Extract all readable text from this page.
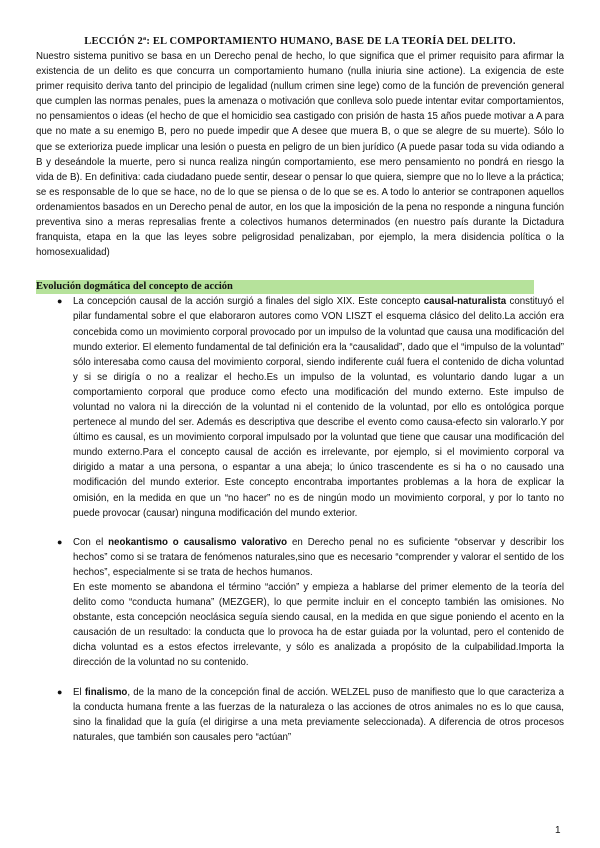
LECCIÓN 2ª: EL COMPORTAMIENTO HUMANO, BASE DE LA TEORÍA DEL DELITO.

Nuestro sistema punitivo se basa en un Derecho penal de hecho, lo que significa que el primer requisito para afirmar la existencia de un delito es que concurra un comportamiento humano (nulla iniuria sine actione). La exigencia de este primer requisito deriva tanto del principio de legalidad (nullum crimen sine lege) como de la función de prevención general que cumplen las normas penales, pues la amenaza o motivación que conlleva solo puede intentar evitar comportamientos, no pensamientos o ideas (el hecho de que el homicidio sea castigado con prisión de hasta 15 años puede motivar a A para que no mate a su enemigo B, pero no puede impedir que A desee que muera B, o que se alegre de su muerte). Sólo lo que se exterioriza puede implicar una lesión o puesta en peligro de un bien jurídico (A puede pasar toda su vida odiando a B y deseándole la muerte, pero si nunca realiza ningún comportamiento, ese mero pensamiento no pondrá en riesgo la vida de B). En definitiva: cada ciudadano puede sentir, desear o pensar lo que quiera, siempre que no lo lleve a la práctica; se es responsable de lo que se hace, no de lo que se piensa o de lo que se es. A todo lo anterior se contraponen aquellos ordenamientos basados en un Derecho penal de autor, en los que la imposición de la pena no responde a ninguna función preventiva sino a meras represalias frente a colectivos humanos determinados (en nuestro país durante la Dictadura franquista, etapa en la que las leyes sobre peligrosidad penalizaban, por ejemplo, la mera disidencia política o la homosexualidad)

Evolución dogmática del concepto de acción
● La concepción causal de la acción surgió a finales del siglo XIX. Este concepto causal-naturalista constituyó el pilar fundamental sobre el que elaboraron autores como VON LISZT el esquema clásico del delito.La acción era concebida como un movimiento corporal provocado por un impulso de la voluntad que causa una modificación del mundo exterior. El elemento fundamental de tal definición era la “causalidad”, dado que el “impulso de la voluntad” sólo interesaba como causa del movimiento corporal, siendo indiferente cuál fuera el contenido de dicha voluntad y si se dirigía o no a realizar el hecho.Es un impulso de la voluntad, es voluntario dando lugar a un comportamiento corporal que produce como efecto una modificación del mundo externo. Este impulso de voluntad no valora ni la dirección de la voluntad ni el contenido de la voluntad, por ello es ontológica porque pertenece al mundo del ser. Además es descriptiva que describe el evento como causa-efecto sin valorarlo.Y por último es causal, es un movimiento corporal impulsado por la voluntad que tiene que causar una modificación del mundo externo.Para el concepto causal de acción es irrelevante, por ejemplo, si el movimiento corporal va dirigido a matar a una persona, o espantar a una abeja; lo único trascendente es si ha o no causado una modificación del mundo exterior. Este concepto encontraba importantes problemas a la hora de explicar la omisión, en la medida en que un “no hacer” no es de ningún modo un movimiento corporal, y por lo tanto no puede provocar (causar) ninguna modificación del mundo exterior.

● Con el neokantismo o causalismo valorativo en Derecho penal no es suficiente “observar y describir los hechos” como si se tratara de fenómenos naturales,sino que es necesario “comprender y valorar el sentido de los hechos”, especialmente si se trata de hechos humanos.

En este momento se abandona el término “acción” y empieza a hablarse del primer elemento de la teoría del delito como “conducta humana” (MEZGER), lo que permite incluir en el concepto también las omisiones. No obstante, esta concepción neoclásica seguía siendo causal, en la medida en que sigue poniendo el acento en la causación de un resultado: la conducta que lo provoca ha de estar guiada por la voluntad, pero el contenido de dicha voluntad es a estos efectos irrelevante, y sólo es analizada a propósito de la culpabilidad.Importa la dirección de la voluntad no su contenido.

● El finalismo, de la mano de la concepción final de acción. WELZEL puso de manifiesto que lo que caracteriza a la conducta humana frente a las fuerzas de la naturaleza o las acciones de otros animales no es lo que causa, sino la finalidad que la guía (el dirigirse a una meta previamente seleccionada). A diferencia de otros procesos naturales, que también son causales pero “actúan”

1
